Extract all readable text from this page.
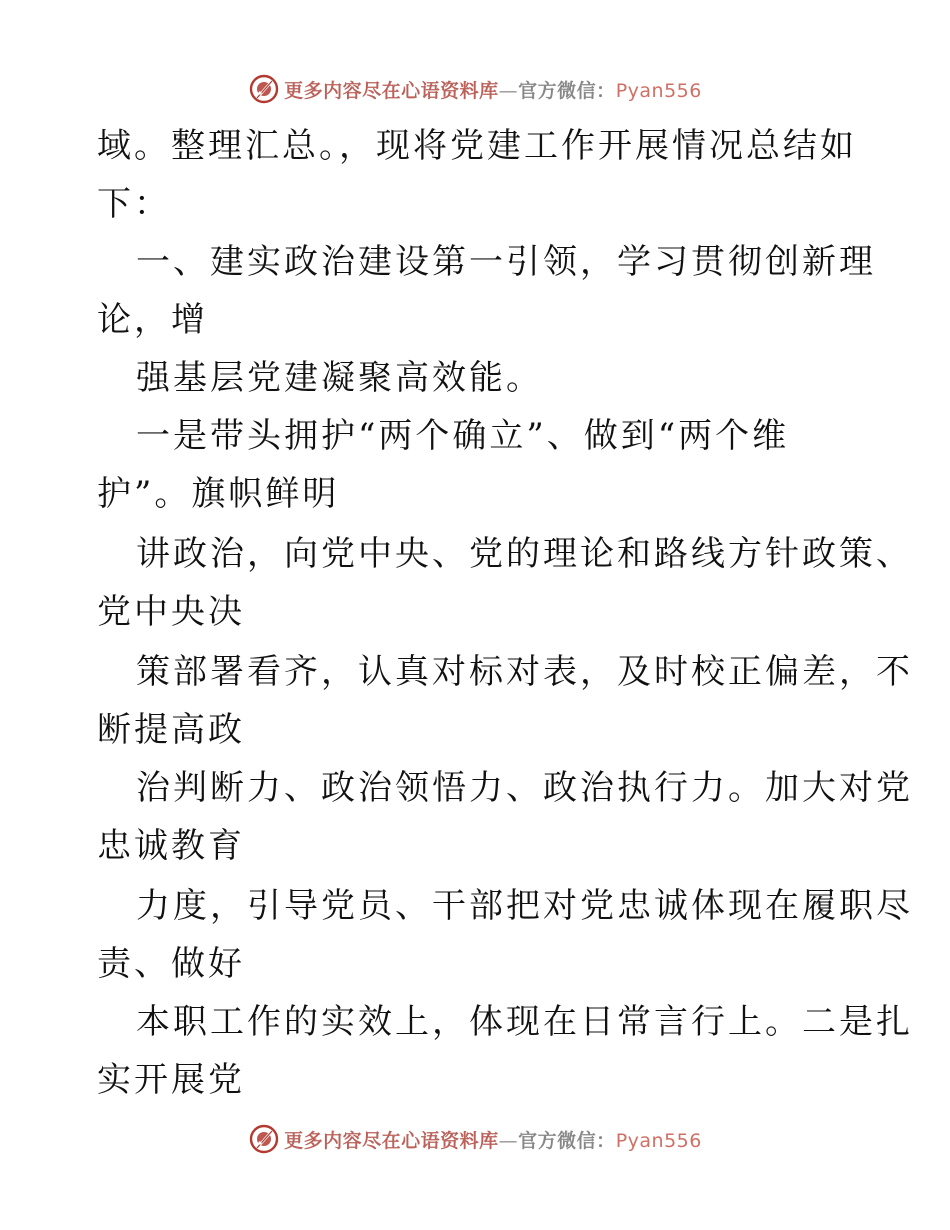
更多内容尽在心语资料库—官方微信：Pyan556
域。整理汇总。，现将党建工作开展情况总结如
下：
一、建实政治建设第一引领，学习贯彻创新理
论，增
强基层党建凝聚高效能。
一是带头拥护“两个确立”、做到“两个维
护”。旗帜鲜明
讲政治，向党中央、党的理论和路线方针政策、
党中央决
策部署看齐，认真对标对表，及时校正偏差，不
断提高政
治判断力、政治领悟力、政治执行力。加大对党
忠诚教育
力度，引导党员、干部把对党忠诚体现在履职尽
责、做好
本职工作的实效上，体现在日常言行上。二是扎
实开展党
更多内容尽在心语资料库—官方微信：Pyan556
